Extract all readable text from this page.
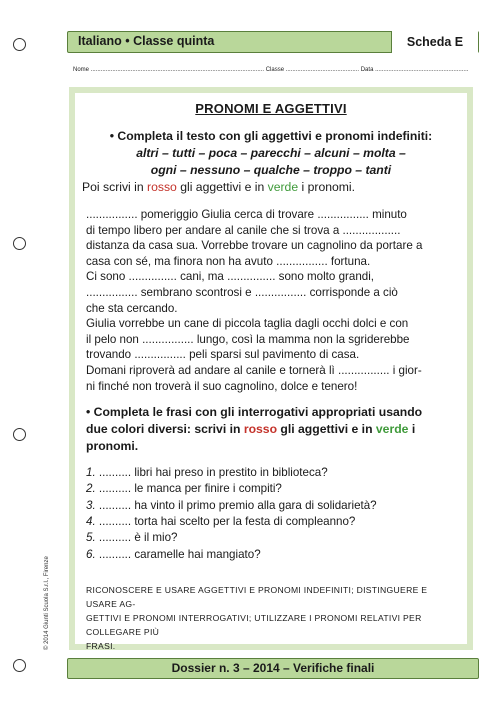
Italiano • Classe quinta	Scheda E
Nome ........................................................................................................ Classe ............................................ Data ........................................................
PRONOMI E AGGETTIVI
• Completa il testo con gli aggettivi e pronomi indefiniti:
altri – tutti – poca – parecchi – alcuni – molta –
ogni – nessuno – qualche – troppo – tanti
Poi scrivi in rosso gli aggettivi e in verde i pronomi.

................ pomeriggio Giulia cerca di trovare ................ minuto

di tempo libero per andare al canile che si trova a ..................

distanza da casa sua. Vorrebbe trovare un cagnolino da portare a

casa con sé, ma finora non ha avuto ................ fortuna.

Ci sono ............... cani, ma ............... sono molto grandi,

................ sembrano scontrosi e ................ corrisponde a ciò

che sta cercando.

Giulia vorrebbe un cane di piccola taglia dagli occhi dolci e con

il pelo non ................ lungo, così la mamma non la sgriderebbe

trovando ................ peli sparsi sul pavimento di casa.

Domani riproverà ad andare al canile e tornerà lì ................ i gior-

ni finché non troverà il suo cagnolino, dolce e tenero!

• Completa le frasi con gli interrogativi appropriati usando
due colori diversi: scrivi in rosso gli aggettivi e in verde i
pronomi.
1. .......... libri hai preso in prestito in biblioteca?
2. .......... le manca per finire i compiti?
3. .......... ha vinto il primo premio alla gara di solidarietà?
4. .......... torta hai scelto per la festa di compleanno?
5. .......... è il mio?
6. .......... caramelle hai mangiato?
RICONOSCERE E USARE AGGETTIVI E PRONOMI INDEFINITI; DISTINGUERE E USARE AG-
GETTIVI E PRONOMI INTERROGATIVI; UTILIZZARE I PRONOMI RELATIVI PER COLLEGARE PIÙ
FRASI.
© 2014 Giunti Scuola S.r.l., Firenze
Dossier n. 3 – 2014 – Verifiche finali
